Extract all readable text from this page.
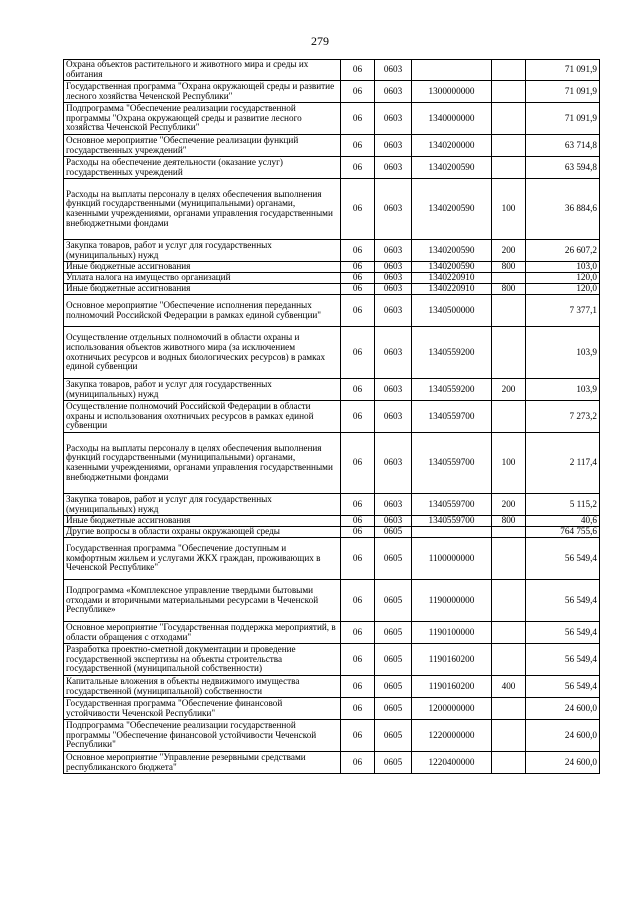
279
Охрана объектов растительного и животного мира и среды их обитания	06	0603			71 091,9
Государственная программа "Охрана окружающей среды и развитие лесного хозяйства Чеченской Республики"	06	0603	1300000000		71 091,9
Подпрограмма "Обеспечение реализации государственной программы "Охрана окружающей среды и развитие лесного хозяйства Чеченской Республики"	06	0603	1340000000		71 091,9
Основное мероприятие "Обеспечение реализации функций государственных учреждений"	06	0603	1340200000		63 714,8
Расходы на обеспечение деятельности (оказание услуг) государственных учреждений	06	0603	1340200590		63 594,8
Расходы на выплаты персоналу в целях обеспечения выполнения функций государственными (муниципальными) органами, казенными учреждениями, органами управления государственными внебюджетными фондами	06	0603	1340200590	100	36 884,6
Закупка товаров, работ и услуг для государственных (муниципальных) нужд	06	0603	1340200590	200	26 607,2
Иные бюджетные ассигнования	06	0603	1340200590	800	103,0
Уплата налога на имущество организаций	06	0603	1340220910		120,0
Иные бюджетные ассигнования	06	0603	1340220910	800	120,0
Основное мероприятие "Обеспечение исполнения переданных полномочий Российской Федерации в рамках единой субвенции"	06	0603	1340500000		7 377,1
Осуществление отдельных полномочий в области охраны и использования объектов животного мира (за исключением охотничьих ресурсов и водных биологических ресурсов) в рамках единой субвенции	06	0603	1340559200		103,9
Закупка товаров, работ и услуг для государственных (муниципальных) нужд	06	0603	1340559200	200	103,9
Осуществление полномочий Российской Федерации в области охраны и использования охотничьих ресурсов в рамках единой субвенции	06	0603	1340559700		7 273,2
Расходы на выплаты персоналу в целях обеспечения выполнения функций государственными (муниципальными) органами, казенными учреждениями, органами управления государственными внебюджетными фондами	06	0603	1340559700	100	2 117,4
Закупка товаров, работ и услуг для государственных (муниципальных) нужд	06	0603	1340559700	200	5 115,2
Иные бюджетные ассигнования	06	0603	1340559700	800	40,6
Другие вопросы в области охраны окружающей среды	06	0605			764 755,6
Государственная программа "Обеспечение доступным и комфортным жильем и услугами ЖКХ граждан, проживающих в Чеченской Республике"	06	0605	1100000000		56 549,4
Подпрограмма «Комплексное управление твердыми бытовыми отходами и вторичными материальными ресурсами в Чеченской Республике»	06	0605	1190000000		56 549,4
Основное мероприятие "Государственная поддержка мероприятий, в области обращения с отходами"	06	0605	1190100000		56 549,4
Разработка проектно-сметной документации и проведение государственной экспертизы на объекты строительства государственной (муниципальной собственности)	06	0605	1190160200		56 549,4
Капитальные вложения в объекты недвижимого имущества государственной (муниципальной) собственности	06	0605	1190160200	400	56 549,4
Государственная программа "Обеспечение финансовой устойчивости Чеченской Республики"	06	0605	1200000000		24 600,0
Подпрограмма "Обеспечение реализации государственной программы "Обеспечение финансовой устойчивости Чеченской Республики"	06	0605	1220000000		24 600,0
Основное мероприятие "Управление резервными средствами республиканского бюджета"	06	0605	1220400000		24 600,0
